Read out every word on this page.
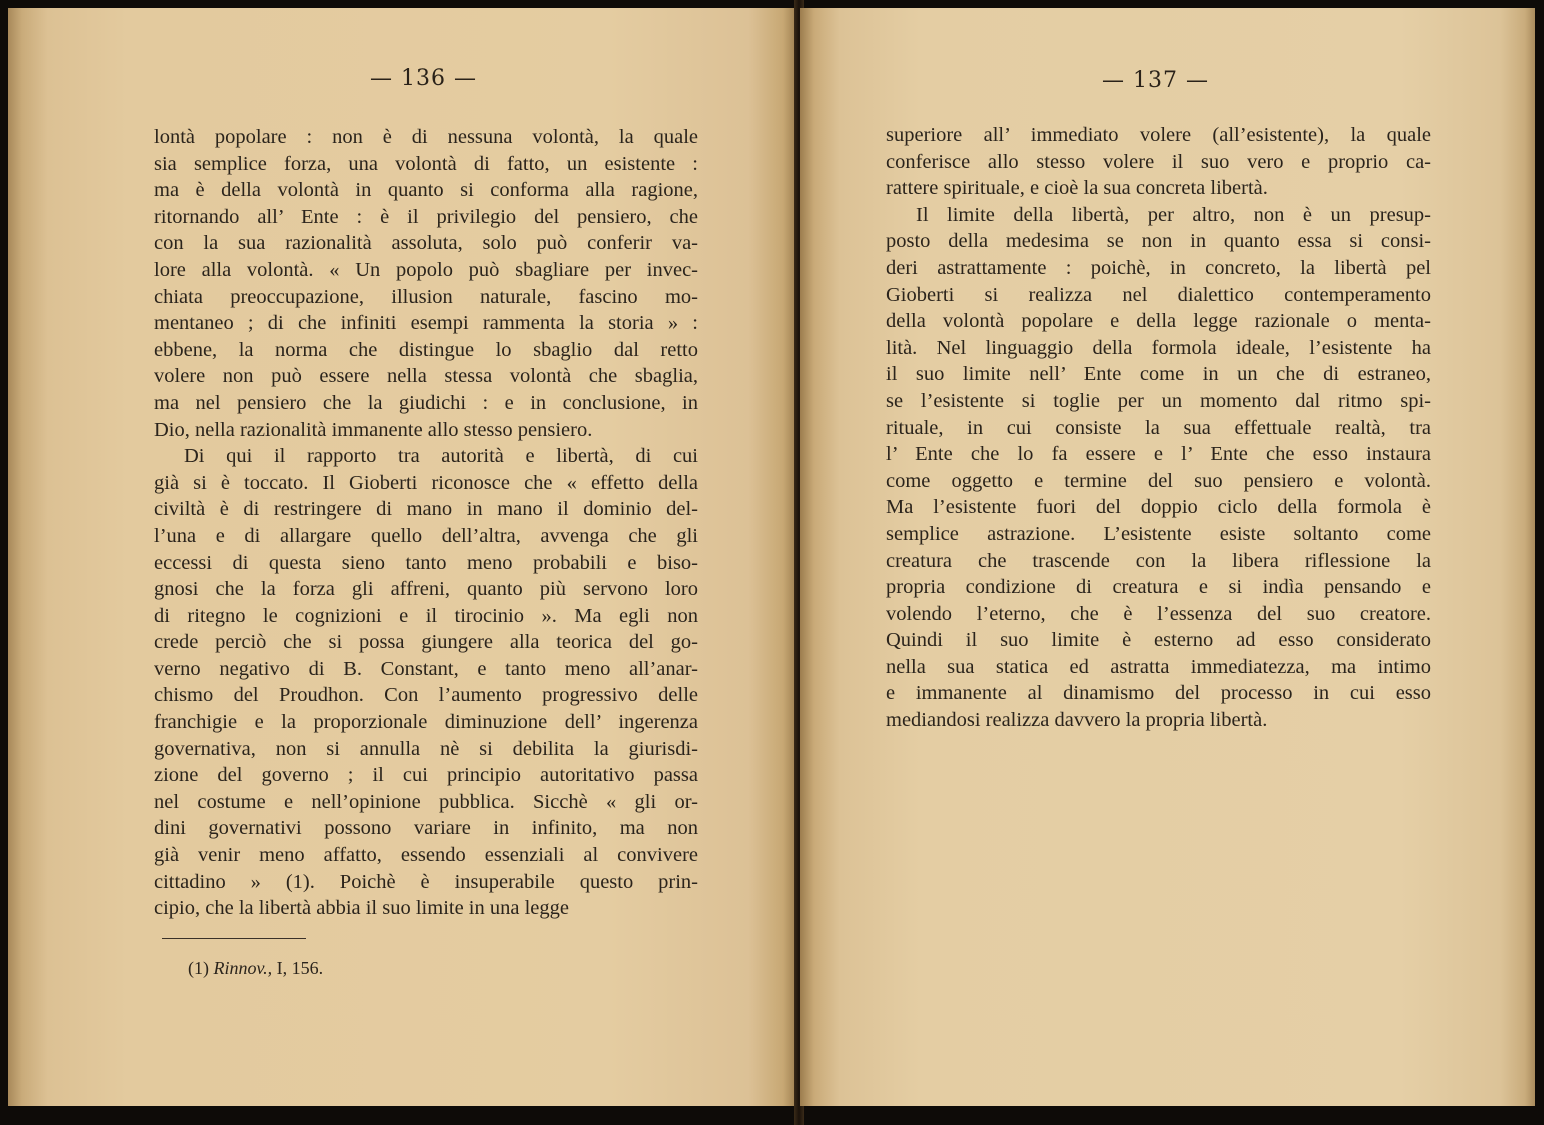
— 136 —
lontà popolare : non è di nessuna volontà, la quale
sia semplice forza, una volontà di fatto, un esistente :
ma è della volontà in quanto si conforma alla ragione,
ritornando all’ Ente : è il privilegio del pensiero, che
con la sua razionalità assoluta, solo può conferir va-
lore alla volontà. « Un popolo può sbagliare per invec-
chiata preoccupazione, illusion naturale, fascino mo-
mentaneo ; di che infiniti esempi rammenta la storia » :
ebbene, la norma che distingue lo sbaglio dal retto
volere non può essere nella stessa volontà che sbaglia,
ma nel pensiero che la giudichi : e in conclusione, in
Dio, nella razionalità immanente allo stesso pensiero.
Di qui il rapporto tra autorità e libertà, di cui
già si è toccato. Il Gioberti riconosce che « effetto della
civiltà è di restringere di mano in mano il dominio del-
l’una e di allargare quello dell’altra, avvenga che gli
eccessi di questa sieno tanto meno probabili e biso-
gnosi che la forza gli affreni, quanto più servono loro
di ritegno le cognizioni e il tirocinio ». Ma egli non
crede perciò che si possa giungere alla teorica del go-
verno negativo di B. Constant, e tanto meno all’anar-
chismo del Proudhon. Con l’aumento progressivo delle
franchigie e la proporzionale diminuzione dell’ ingerenza
governativa, non si annulla nè si debilita la giurisdi-
zione del governo ; il cui principio autoritativo passa
nel costume e nell’opinione pubblica. Sicchè « gli or-
dini governativi possono variare in infinito, ma non
già venir meno affatto, essendo essenziali al convivere
cittadino » (1). Poichè è insuperabile questo prin-
cipio, che la libertà abbia il suo limite in una legge
(1) Rinnov., I, 156.
— 137 —
superiore all’ immediato volere (all’esistente), la quale
conferisce allo stesso volere il suo vero e proprio ca-
rattere spirituale, e cioè la sua concreta libertà.
Il limite della libertà, per altro, non è un presup-
posto della medesima se non in quanto essa si consi-
deri astrattamente : poichè, in concreto, la libertà pel
Gioberti si realizza nel dialettico contemperamento
della volontà popolare e della legge razionale o menta-
lità. Nel linguaggio della formola ideale, l’esistente ha
il suo limite nell’ Ente come in un che di estraneo,
se l’esistente si toglie per un momento dal ritmo spi-
rituale, in cui consiste la sua effettuale realtà, tra
l’ Ente che lo fa essere e l’ Ente che esso instaura
come oggetto e termine del suo pensiero e volontà.
Ma l’esistente fuori del doppio ciclo della formola è
semplice astrazione. L’esistente esiste soltanto come
creatura che trascende con la libera riflessione la
propria condizione di creatura e si indìa pensando e
volendo l’eterno, che è l’essenza del suo creatore.
Quindi il suo limite è esterno ad esso considerato
nella sua statica ed astratta immediatezza, ma intimo
e immanente al dinamismo del processo in cui esso
mediandosi realizza davvero la propria libertà.
